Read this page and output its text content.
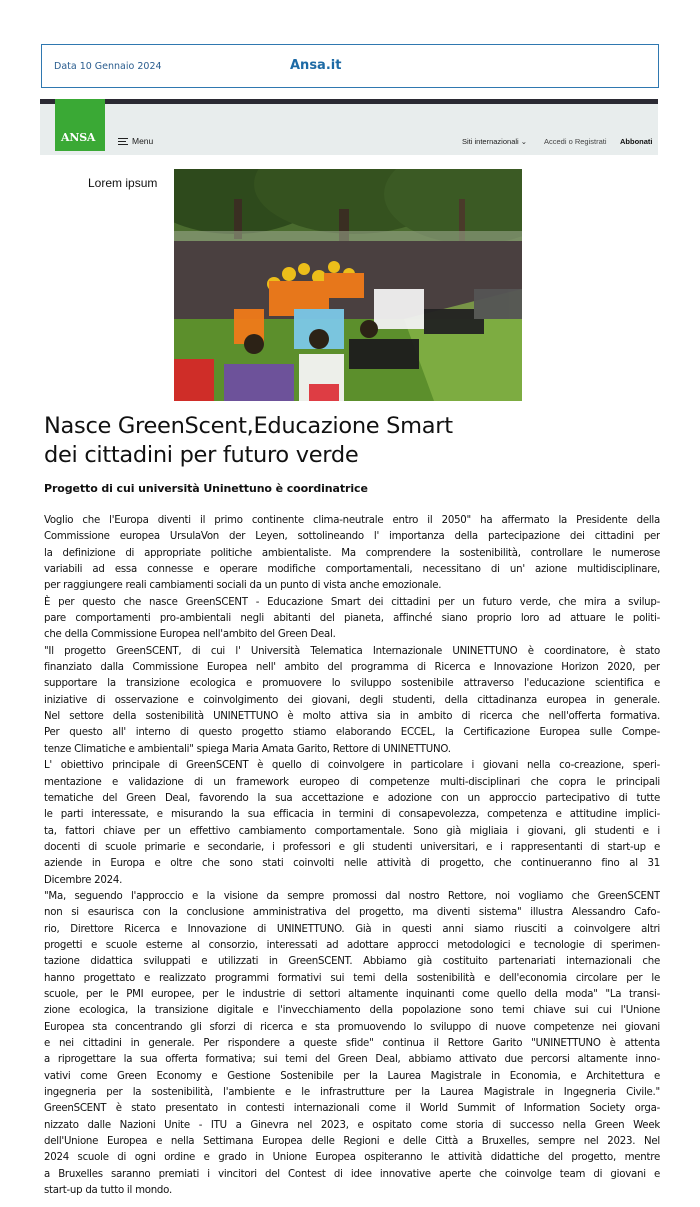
Data 10 Gennaio 2024	Ansa.it
ANSA	Menu	Siti internazionali ⌄ Accedi o Registrati Abbonati
Lorem ipsum
Nasce GreenScent,Educazione Smart
dei cittadini per futuro verde
Progetto di cui università Uninettuno è coordinatrice
Voglio che l'Europa diventi il primo continente clima-neutrale entro il 2050" ha affermato la Presidente della
Commissione europea UrsulaVon der Leyen, sottolineando l' importanza della partecipazione dei cittadini per
la definizione di appropriate politiche ambientaliste. Ma comprendere la sostenibilità, controllare le numerose
variabili ad essa connesse e operare modifiche comportamentali, necessitano di un' azione multidisciplinare,
per raggiungere reali cambiamenti sociali da un punto di vista anche emozionale.
È per questo che nasce GreenSCENT - Educazione Smart dei cittadini per un futuro verde, che mira a svilup-
pare comportamenti pro-ambientali negli abitanti del pianeta, affinché siano proprio loro ad attuare le politi-
che della Commissione Europea nell'ambito del Green Deal.
"Il progetto GreenSCENT, di cui l' Università Telematica Internazionale UNINETTUNO è coordinatore, è stato
finanziato dalla Commissione Europea nell' ambito del programma di Ricerca e Innovazione Horizon 2020, per
supportare la transizione ecologica e promuovere lo sviluppo sostenibile attraverso l'educazione scientifica e
iniziative di osservazione e coinvolgimento dei giovani, degli studenti, della cittadinanza europea in generale.
Nel settore della sostenibilità UNINETTUNO è molto attiva sia in ambito di ricerca che nell'offerta formativa.
Per questo all' interno di questo progetto stiamo elaborando ECCEL, la Certificazione Europea sulle Compe-
tenze Climatiche e ambientali" spiega Maria Amata Garito, Rettore di UNINETTUNO.
L' obiettivo principale di GreenSCENT è quello di coinvolgere in particolare i giovani nella co-creazione, speri-
mentazione e validazione di un framework europeo di competenze multi-disciplinari che copra le principali
tematiche del Green Deal, favorendo la sua accettazione e adozione con un approccio partecipativo di tutte
le parti interessate, e misurando la sua efficacia in termini di consapevolezza, competenza e attitudine implici-
ta, fattori chiave per un effettivo cambiamento comportamentale. Sono già migliaia i giovani, gli studenti e i
docenti di scuole primarie e secondarie, i professori e gli studenti universitari, e i rappresentanti di start-up e
aziende in Europa e oltre che sono stati coinvolti nelle attività di progetto, che continueranno fino al 31
Dicembre 2024.
"Ma, seguendo l'approccio e la visione da sempre promossi dal nostro Rettore, noi vogliamo che GreenSCENT
non si esaurisca con la conclusione amministrativa del progetto, ma diventi sistema" illustra Alessandro Cafo-
rio, Direttore Ricerca e Innovazione di UNINETTUNO. Già in questi anni siamo riusciti a coinvolgere altri
progetti e scuole esterne al consorzio, interessati ad adottare approcci metodologici e tecnologie di sperimen-
tazione didattica sviluppati e utilizzati in GreenSCENT. Abbiamo già costituito partenariati internazionali che
hanno progettato e realizzato programmi formativi sui temi della sostenibilità e dell'economia circolare per le
scuole, per le PMI europee, per le industrie di settori altamente inquinanti come quello della moda" "La transi-
zione ecologica, la transizione digitale e l'invecchiamento della popolazione sono temi chiave sui cui l'Unione
Europea sta concentrando gli sforzi di ricerca e sta promuovendo lo sviluppo di nuove competenze nei giovani
e nei cittadini in generale. Per rispondere a queste sfide" continua il Rettore Garito "UNINETTUNO è attenta
a riprogettare la sua offerta formativa; sui temi del Green Deal, abbiamo attivato due percorsi altamente inno-
vativi come Green Economy e Gestione Sostenibile per la Laurea Magistrale in Economia, e Architettura e
ingegneria per la sostenibilità, l'ambiente e le infrastrutture per la Laurea Magistrale in Ingegneria Civile."
GreenSCENT è stato presentato in contesti internazionali come il World Summit of Information Society orga-
nizzato dalle Nazioni Unite - ITU a Ginevra nel 2023, e ospitato come storia di successo nella Green Week
dell'Unione Europea e nella Settimana Europea delle Regioni e delle Città a Bruxelles, sempre nel 2023. Nel
2024 scuole di ogni ordine e grado in Unione Europea ospiteranno le attività didattiche del progetto, mentre
a Bruxelles saranno premiati i vincitori del Contest di idee innovative aperte che coinvolge team di giovani e
start-up da tutto il mondo.
